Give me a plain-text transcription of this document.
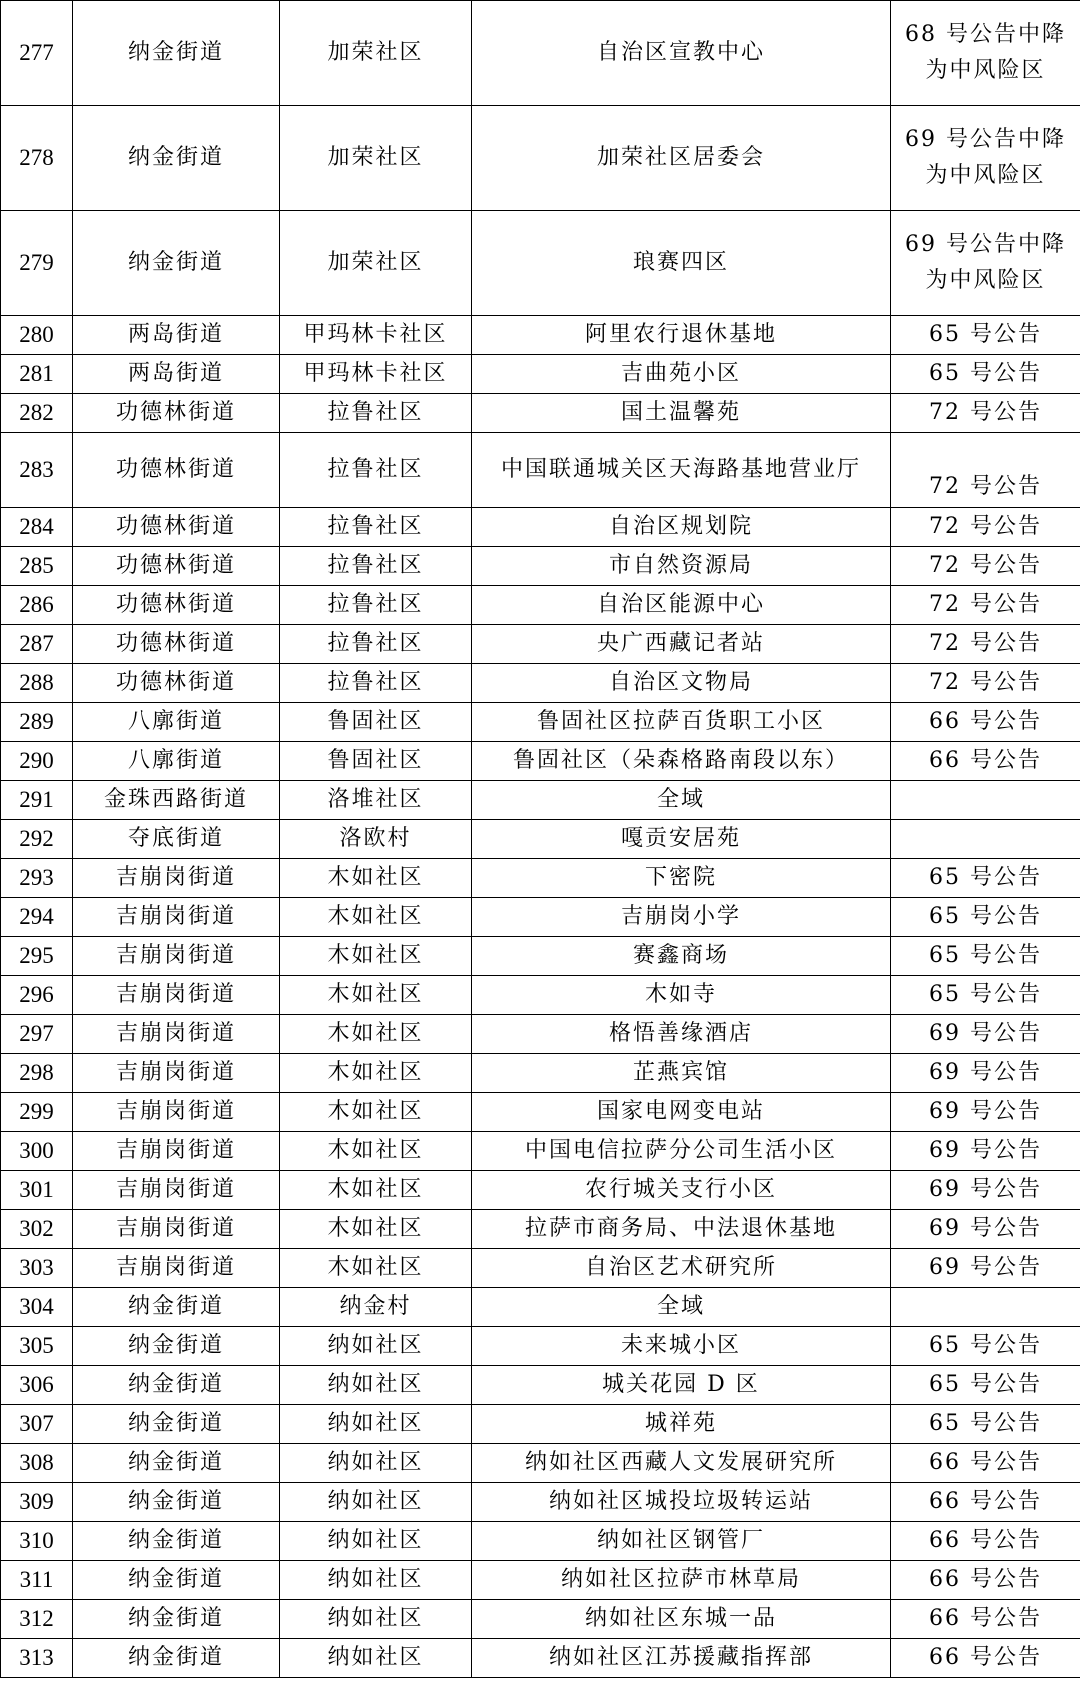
277	纳金街道	加荣社区	自治区宣教中心	68 号公告中降为中风险区
278	纳金街道	加荣社区	加荣社区居委会	69 号公告中降为中风险区
279	纳金街道	加荣社区	琅赛四区	69 号公告中降为中风险区
280	两岛街道	甲玛林卡社区	阿里农行退休基地	65 号公告
281	两岛街道	甲玛林卡社区	吉曲苑小区	65 号公告
282	功德林街道	拉鲁社区	国土温馨苑	72 号公告
283	功德林街道	拉鲁社区	中国联通城关区天海路基地营业厅	72 号公告
284	功德林街道	拉鲁社区	自治区规划院	72 号公告
285	功德林街道	拉鲁社区	市自然资源局	72 号公告
286	功德林街道	拉鲁社区	自治区能源中心	72 号公告
287	功德林街道	拉鲁社区	央广西藏记者站	72 号公告
288	功德林街道	拉鲁社区	自治区文物局	72 号公告
289	八廓街道	鲁固社区	鲁固社区拉萨百货职工小区	66 号公告
290	八廓街道	鲁固社区	鲁固社区（朵森格路南段以东）	66 号公告
291	金珠西路街道	洛堆社区	全域	
292	夺底街道	洛欧村	嘎贡安居苑	
293	吉崩岗街道	木如社区	下密院	65 号公告
294	吉崩岗街道	木如社区	吉崩岗小学	65 号公告
295	吉崩岗街道	木如社区	赛鑫商场	65 号公告
296	吉崩岗街道	木如社区	木如寺	65 号公告
297	吉崩岗街道	木如社区	格悟善缘酒店	69 号公告
298	吉崩岗街道	木如社区	芷燕宾馆	69 号公告
299	吉崩岗街道	木如社区	国家电网变电站	69 号公告
300	吉崩岗街道	木如社区	中国电信拉萨分公司生活小区	69 号公告
301	吉崩岗街道	木如社区	农行城关支行小区	69 号公告
302	吉崩岗街道	木如社区	拉萨市商务局、中法退休基地	69 号公告
303	吉崩岗街道	木如社区	自治区艺术研究所	69 号公告
304	纳金街道	纳金村	全域	
305	纳金街道	纳如社区	未来城小区	65 号公告
306	纳金街道	纳如社区	城关花园 D 区	65 号公告
307	纳金街道	纳如社区	城祥苑	65 号公告
308	纳金街道	纳如社区	纳如社区西藏人文发展研究所	66 号公告
309	纳金街道	纳如社区	纳如社区城投垃圾转运站	66 号公告
310	纳金街道	纳如社区	纳如社区钢管厂	66 号公告
311	纳金街道	纳如社区	纳如社区拉萨市林草局	66 号公告
312	纳金街道	纳如社区	纳如社区东城一品	66 号公告
313	纳金街道	纳如社区	纳如社区江苏援藏指挥部	66 号公告
